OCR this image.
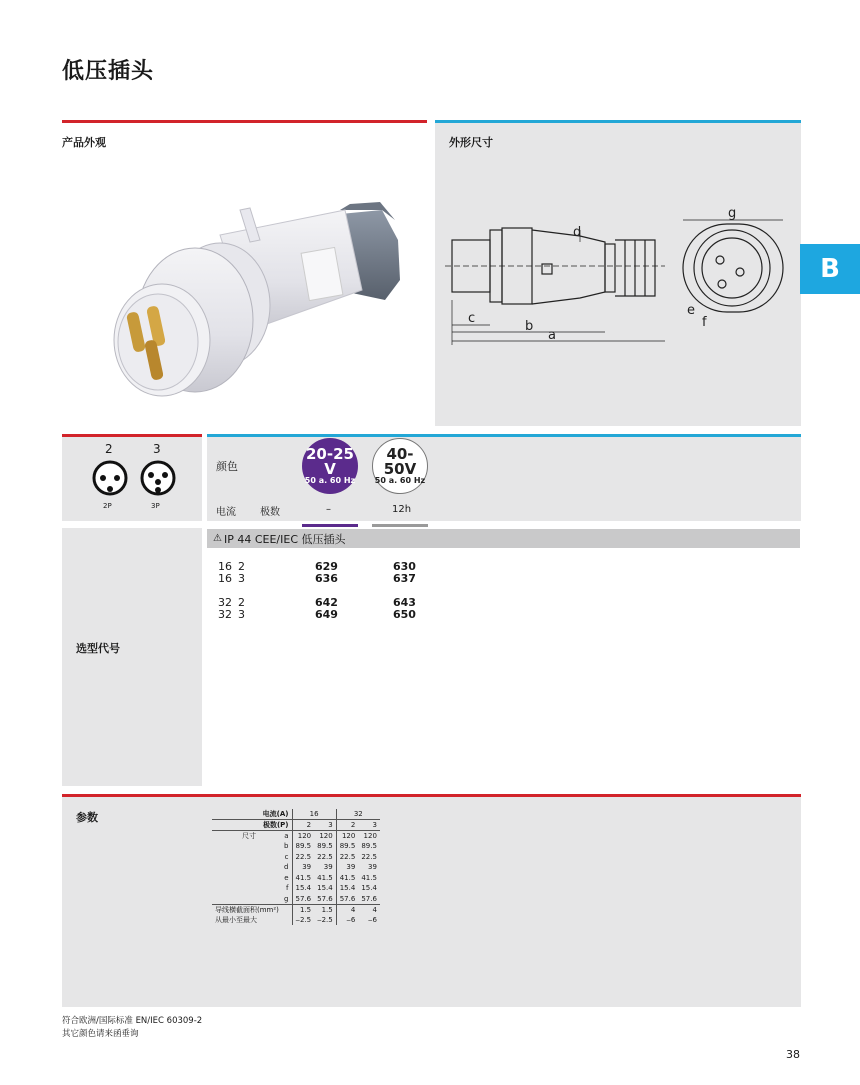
低压插头
产品外观	外形尺寸
c
b
a
d
g
e
f
B
2	3
2P	3P
颜色
20-25 V
50 a. 60 Hz
40-50V
50 a. 60 Hz
电流 极数	–	12h
选型代号
⚠ IP 44 CEE/IEC 低压插头
16 2	629	630
16 3	636	637
32 2	642	643
32 3	649	650
参数	电流(A)		16		32	
极数(P)		2	3	2	3
尺寸	a	120	120	120	120
	b	89.5	89.5	89.5	89.5
	c	22.5	22.5	22.5	22.5
	d	39	39	39	39
	e	41.5	41.5	41.5	41.5
	f	15.4	15.4	15.4	15.4
	g	57.6	57.6	57.6	57.6
导线横截面积(mm²)		1.5	1.5	4	4
从最小至最大		‒2.5	‒2.5	‒6	‒6
符合欧洲/国际标准 EN/IEC 60309-2
其它颜色请来函垂询
38
